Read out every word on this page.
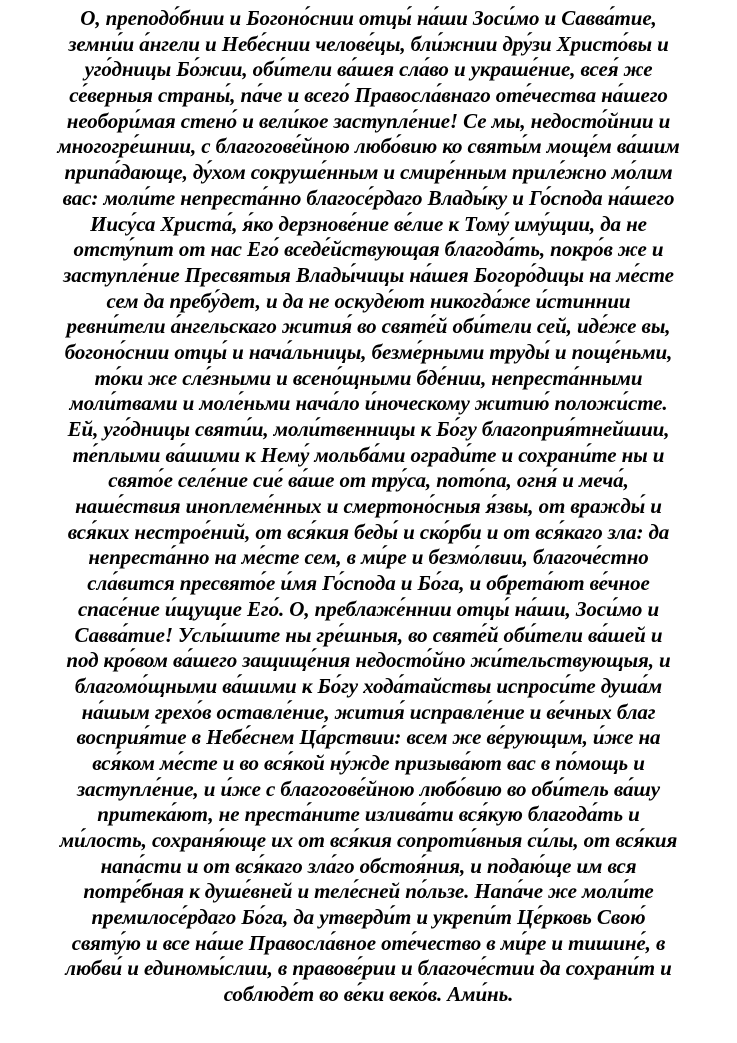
О, преподо́бнии и Богоно́снии отцы́ на́ши Зоси́мо и Савва́тие,
земни́и а́нгели и Небе́снии челове́цы, бли́жнии дру́зи Христо́вы и
уго́дницы Бо́жии, оби́тели ва́шея сла́во и украше́ние, всея́ же
се́верныя страны́, па́че и всего́ Правосла́внаго оте́чества на́шего
необори́мая стено́ и вели́кое заступле́ние! Се мы, недосто́йнии и
многогре́шнии, с благогове́йною любо́вию ко святы́м моще́м ва́шим
припа́дающе, ду́хом сокруше́нным и смире́нным приле́жно мо́лим
вас: моли́те непреста́нно благосе́рдаго Влады́ку и Го́спода на́шего
Иису́са Христа́, я́ко дерзнове́ние ве́лие к Тому́ иму́щии, да не
отсту́пит от нас Его́ вседе́йствующая благода́ть, покро́в же и
заступле́ние Пресвятыя Влады́чицы на́шея Богоро́дицы на ме́сте
сем да пребу́дет, и да не оскуде́ют никогда́же и́стиннии
ревни́тели а́нгельскаго жития́ во святе́й оби́тели сей, иде́же вы,
богоно́снии отцы́ и нача́льницы, безме́рными труды́ и поще́ньми,
то́ки же сле́зными и всено́щными бде́нии, непреста́нными
моли́твами и моле́ньми нача́ло и́ноческому житию́ положи́сте.
Ей, уго́дницы святи́и, моли́твенницы к Бо́гу благоприя́тнейшии,
те́плыми ва́шими к Нему́ мольба́ми огради́те и сохрани́те ны и
свято́е селе́ние сие́ ва́ше от тру́са, пото́па, огня́ и меча́,
наше́ствия иноплеме́нных и смертоно́сныя я́звы, от вражды́ и
вся́ких нестрое́ний, от вся́кия беды́ и ско́рби и от вся́каго зла: да
непреста́нно на ме́сте сем, в ми́ре и безмо́лвии, благоче́стно
сла́вится пресвято́е и́мя Го́спода и Бо́га, и обрета́ют ве́чное
спасе́ние и́щущие Его́. О, преблаже́ннии отцы́ на́ши, Зоси́мо и
Савва́тие! Услы́шите ны гре́шныя, во святе́й оби́тели ва́шей и
под кро́вом ва́шего защище́ния недосто́йно жи́тельствующыя, и
благомо́щными ва́шими к Бо́гу хода́тайствы испроси́те душа́м
на́шым грехо́в оставле́ние, жития́ исправле́ние и ве́чных благ
восприя́тие в Небе́снем Ца́рствии: всем же ве́рующим, и́же на
вся́ком ме́сте и во вся́кой ну́жде призыва́ют вас в по́мощь и
заступле́ние, и и́же с благогове́йною любо́вию во оби́тель ва́шу
притека́ют, не преста́ните излива́ти вся́кую благода́ть и
ми́лость, сохраня́юще их от вся́кия сопроти́вныя си́лы, от вся́кия
напа́сти и от вся́каго зла́го обстоя́ния, и подаю́ще им вся
потре́бная к душе́вней и теле́сней по́льзе. Напа́че же моли́те
премилосе́рдаго Бо́га, да утверди́т и укрепи́т Це́рковь Свою́
святу́ю и все на́ше Правосла́вное оте́чество в ми́ре и тишине́, в
любви́ и единомы́слии, в правове́рии и благоче́стии да сохрани́т и
соблюде́т во ве́ки веко́в. Ами́нь.
